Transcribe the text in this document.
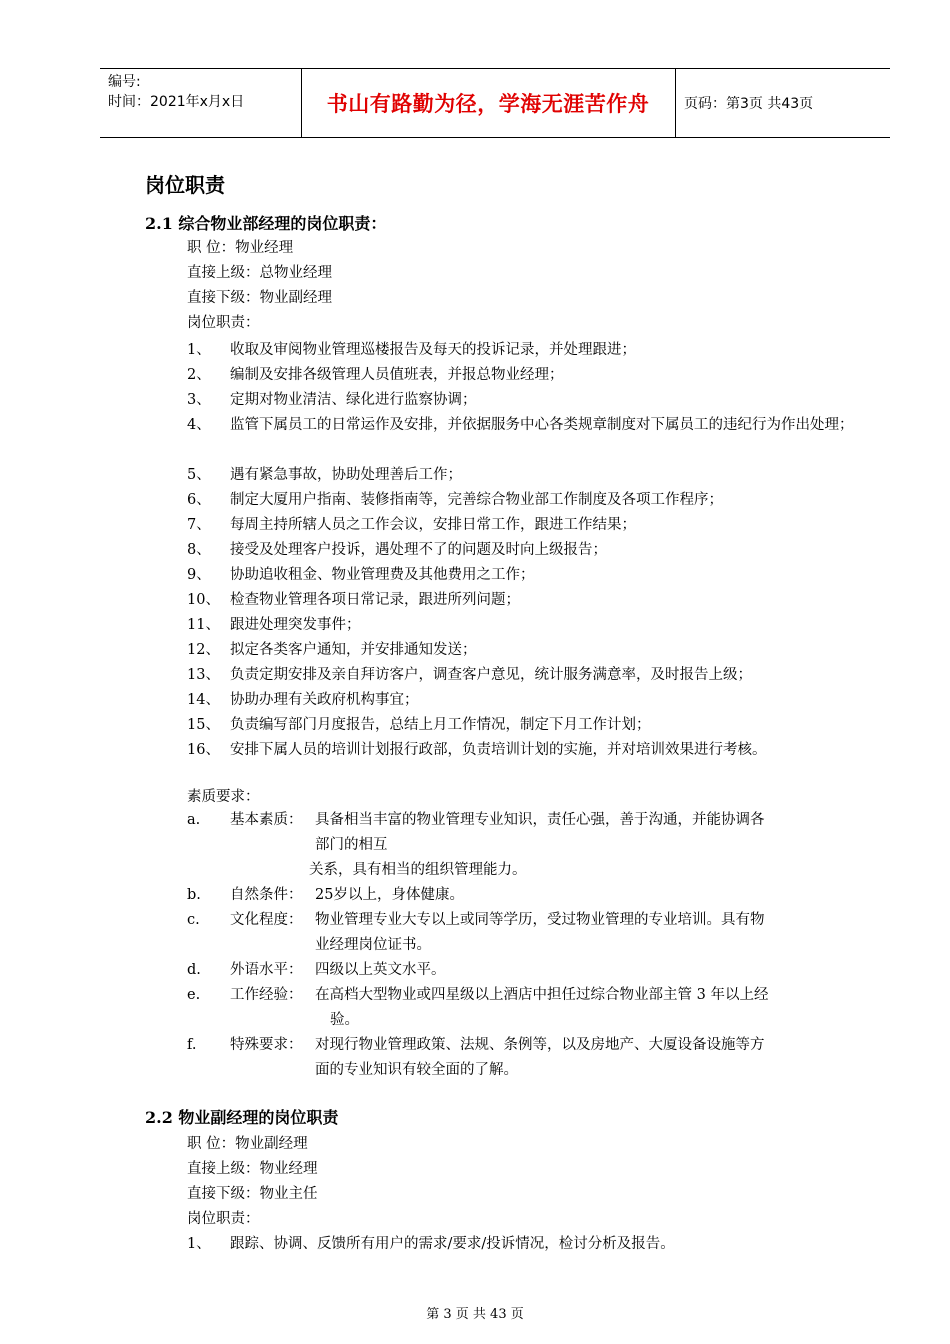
编号:
时间：2021年x月x日	书山有路勤为径，学海无涯苦作舟	页码：第3页 共43页
岗位职责
2.1 综合物业部经理的岗位职责：
职 位：物业经理
直接上级：总物业经理
直接下级：物业副经理
岗位职责：
1、 收取及审阅物业管理巡楼报告及每天的投诉记录，并处理跟进；
2、 编制及安排各级管理人员值班表，并报总物业经理；
3、 定期对物业清洁、绿化进行监察协调；
4、 监管下属员工的日常运作及安排，并依据服务中心各类规章制度对下属员工的违纪行为作出处理；
5、 遇有紧急事故，协助处理善后工作；
6、 制定大厦用户指南、装修指南等，完善综合物业部工作制度及各项工作程序；
7、 每周主持所辖人员之工作会议，安排日常工作，跟进工作结果；
8、 接受及处理客户投诉，遇处理不了的问题及时向上级报告；
9、 协助追收租金、物业管理费及其他费用之工作；
10、 检查物业管理各项日常记录，跟进所列问题；
11、 跟进处理突发事件；
12、 拟定各类客户通知，并安排通知发送；
13、 负责定期安排及亲自拜访客户，调查客户意见，统计服务满意率，及时报告上级；
14、 协助办理有关政府机构事宜；
15、 负责编写部门月度报告，总结上月工作情况，制定下月工作计划；
16、 安排下属人员的培训计划报行政部，负责培训计划的实施，并对培训效果进行考核。
素质要求：
a. 基本素质： 具备相当丰富的物业管理专业知识，责任心强，善于沟通，并能协调各
部门的相互
关系，具有相当的组织管理能力。
b. 自然条件： 25岁以上，身体健康。
c. 文化程度： 物业管理专业大专以上或同等学历，受过物业管理的专业培训。具有物
业经理岗位证书。
d. 外语水平： 四级以上英文水平。
e. 工作经验： 在高档大型物业或四星级以上酒店中担任过综合物业部主管 3 年以上经
验。
f. 特殊要求： 对现行物业管理政策、法规、条例等，以及房地产、大厦设备设施等方
面的专业知识有较全面的了解。
2.2 物业副经理的岗位职责
职 位：物业副经理
直接上级：物业经理
直接下级：物业主任
岗位职责：
1、 跟踪、协调、反馈所有用户的需求/要求/投诉情况，检讨分析及报告。
第 3 页 共 43 页
